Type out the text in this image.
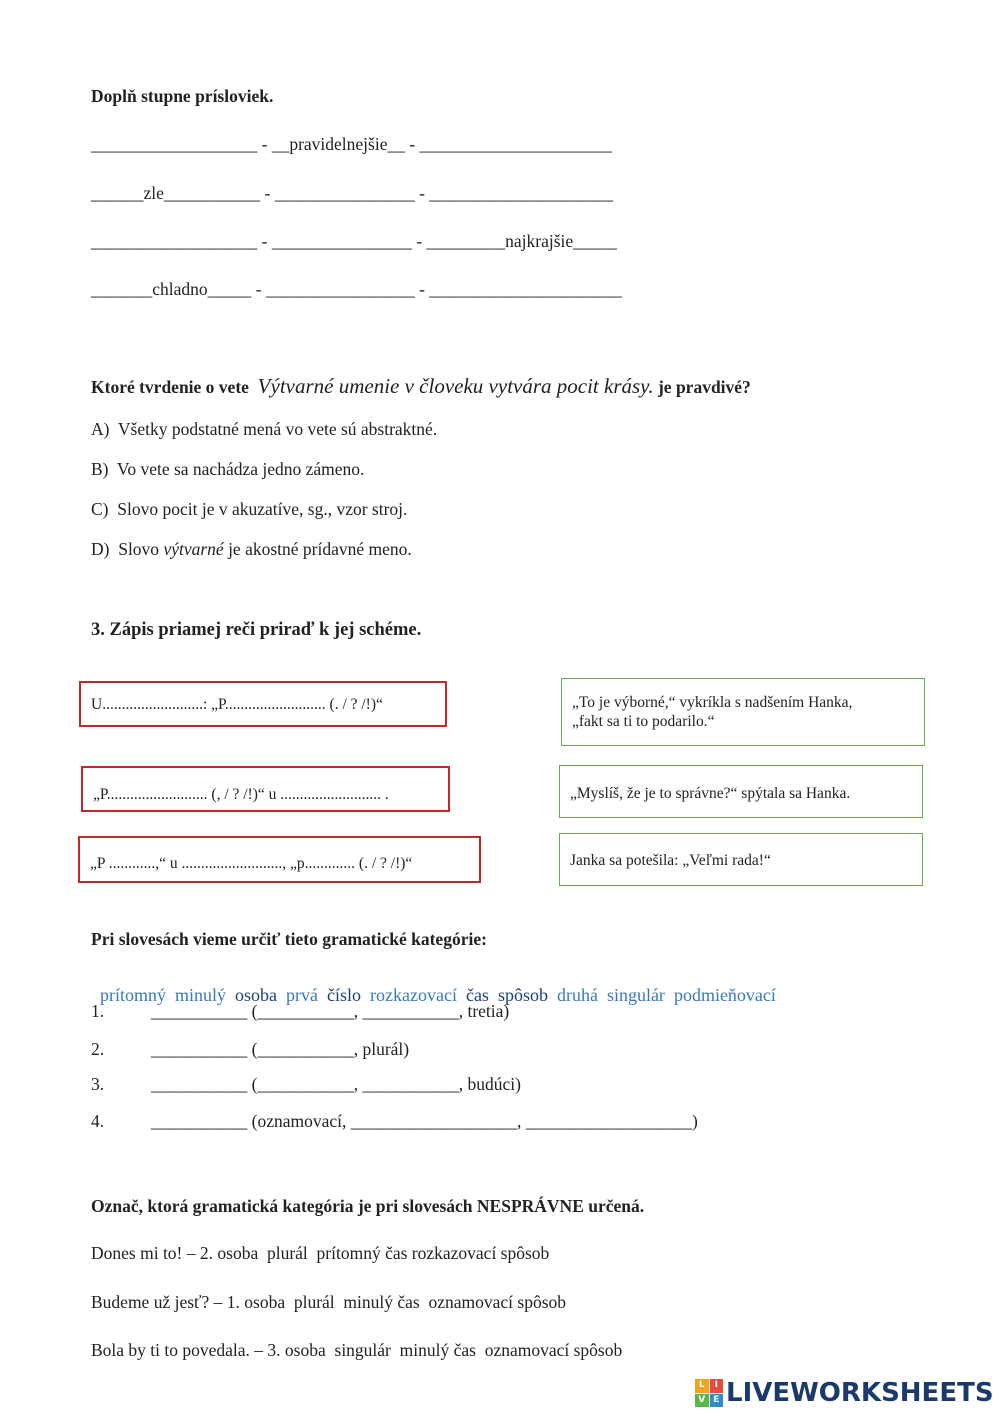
Doplň stupne prísloviek.
___________________ - __pravidelnejšie__ - ______________________
______zle___________ - ________________ - _____________________
___________________ - ________________ - _________najkrajšie_____
_______chladno_____ - _________________ - ______________________
Ktoré tvrdenie o vete Výtvarné umenie v človeku vytvára pocit krásy. je pravdivé?
A)  Všetky podstatné mená vo vete sú abstraktné.
B)  Vo vete sa nachádza jedno zámeno.
C)  Slovo pocit je v akuzatíve, sg., vzor stroj.
D)  Slovo výtvarné je akostné prídavné meno.
3. Zápis priamej reči priraď k jej schéme.
U..........................: „P.......................... (. / ? /!)“
„P.......................... (, / ? /!)“ u .......................... .
„P ............,“ u .........................., „p............. (. / ? /!)“
„To je výborné,“ vykríkla s nadšením Hanka,
„fakt sa ti to podarilo.“
„Myslíš, že je to správne?“ spýtala sa Hanka.
Janka sa potešila: „Veľmi rada!“
Pri slovesách vieme určiť tieto gramatické kategórie:

prítomný minulý osoba prvá číslo rozkazovací čas spôsob druhá singulár podmieňovací

1.	___________ (___________, ___________, tretia)
2.	___________ (___________, plurál)
3.	___________ (___________, ___________, budúci)
4.	___________ (oznamovací, ___________________, ___________________)
Označ, ktorá gramatická kategória je pri slovesách NESPRÁVNE určená.
Dones mi to! – 2. osoba  plurál  prítomný čas rozkazovací spôsob
Budeme už jesť? – 1. osoba  plurál  minulý čas  oznamovací spôsob
Bola by ti to povedala. – 3. osoba  singulár  minulý čas  oznamovací spôsob
L	I
V E LIVEWORKSHEETS
